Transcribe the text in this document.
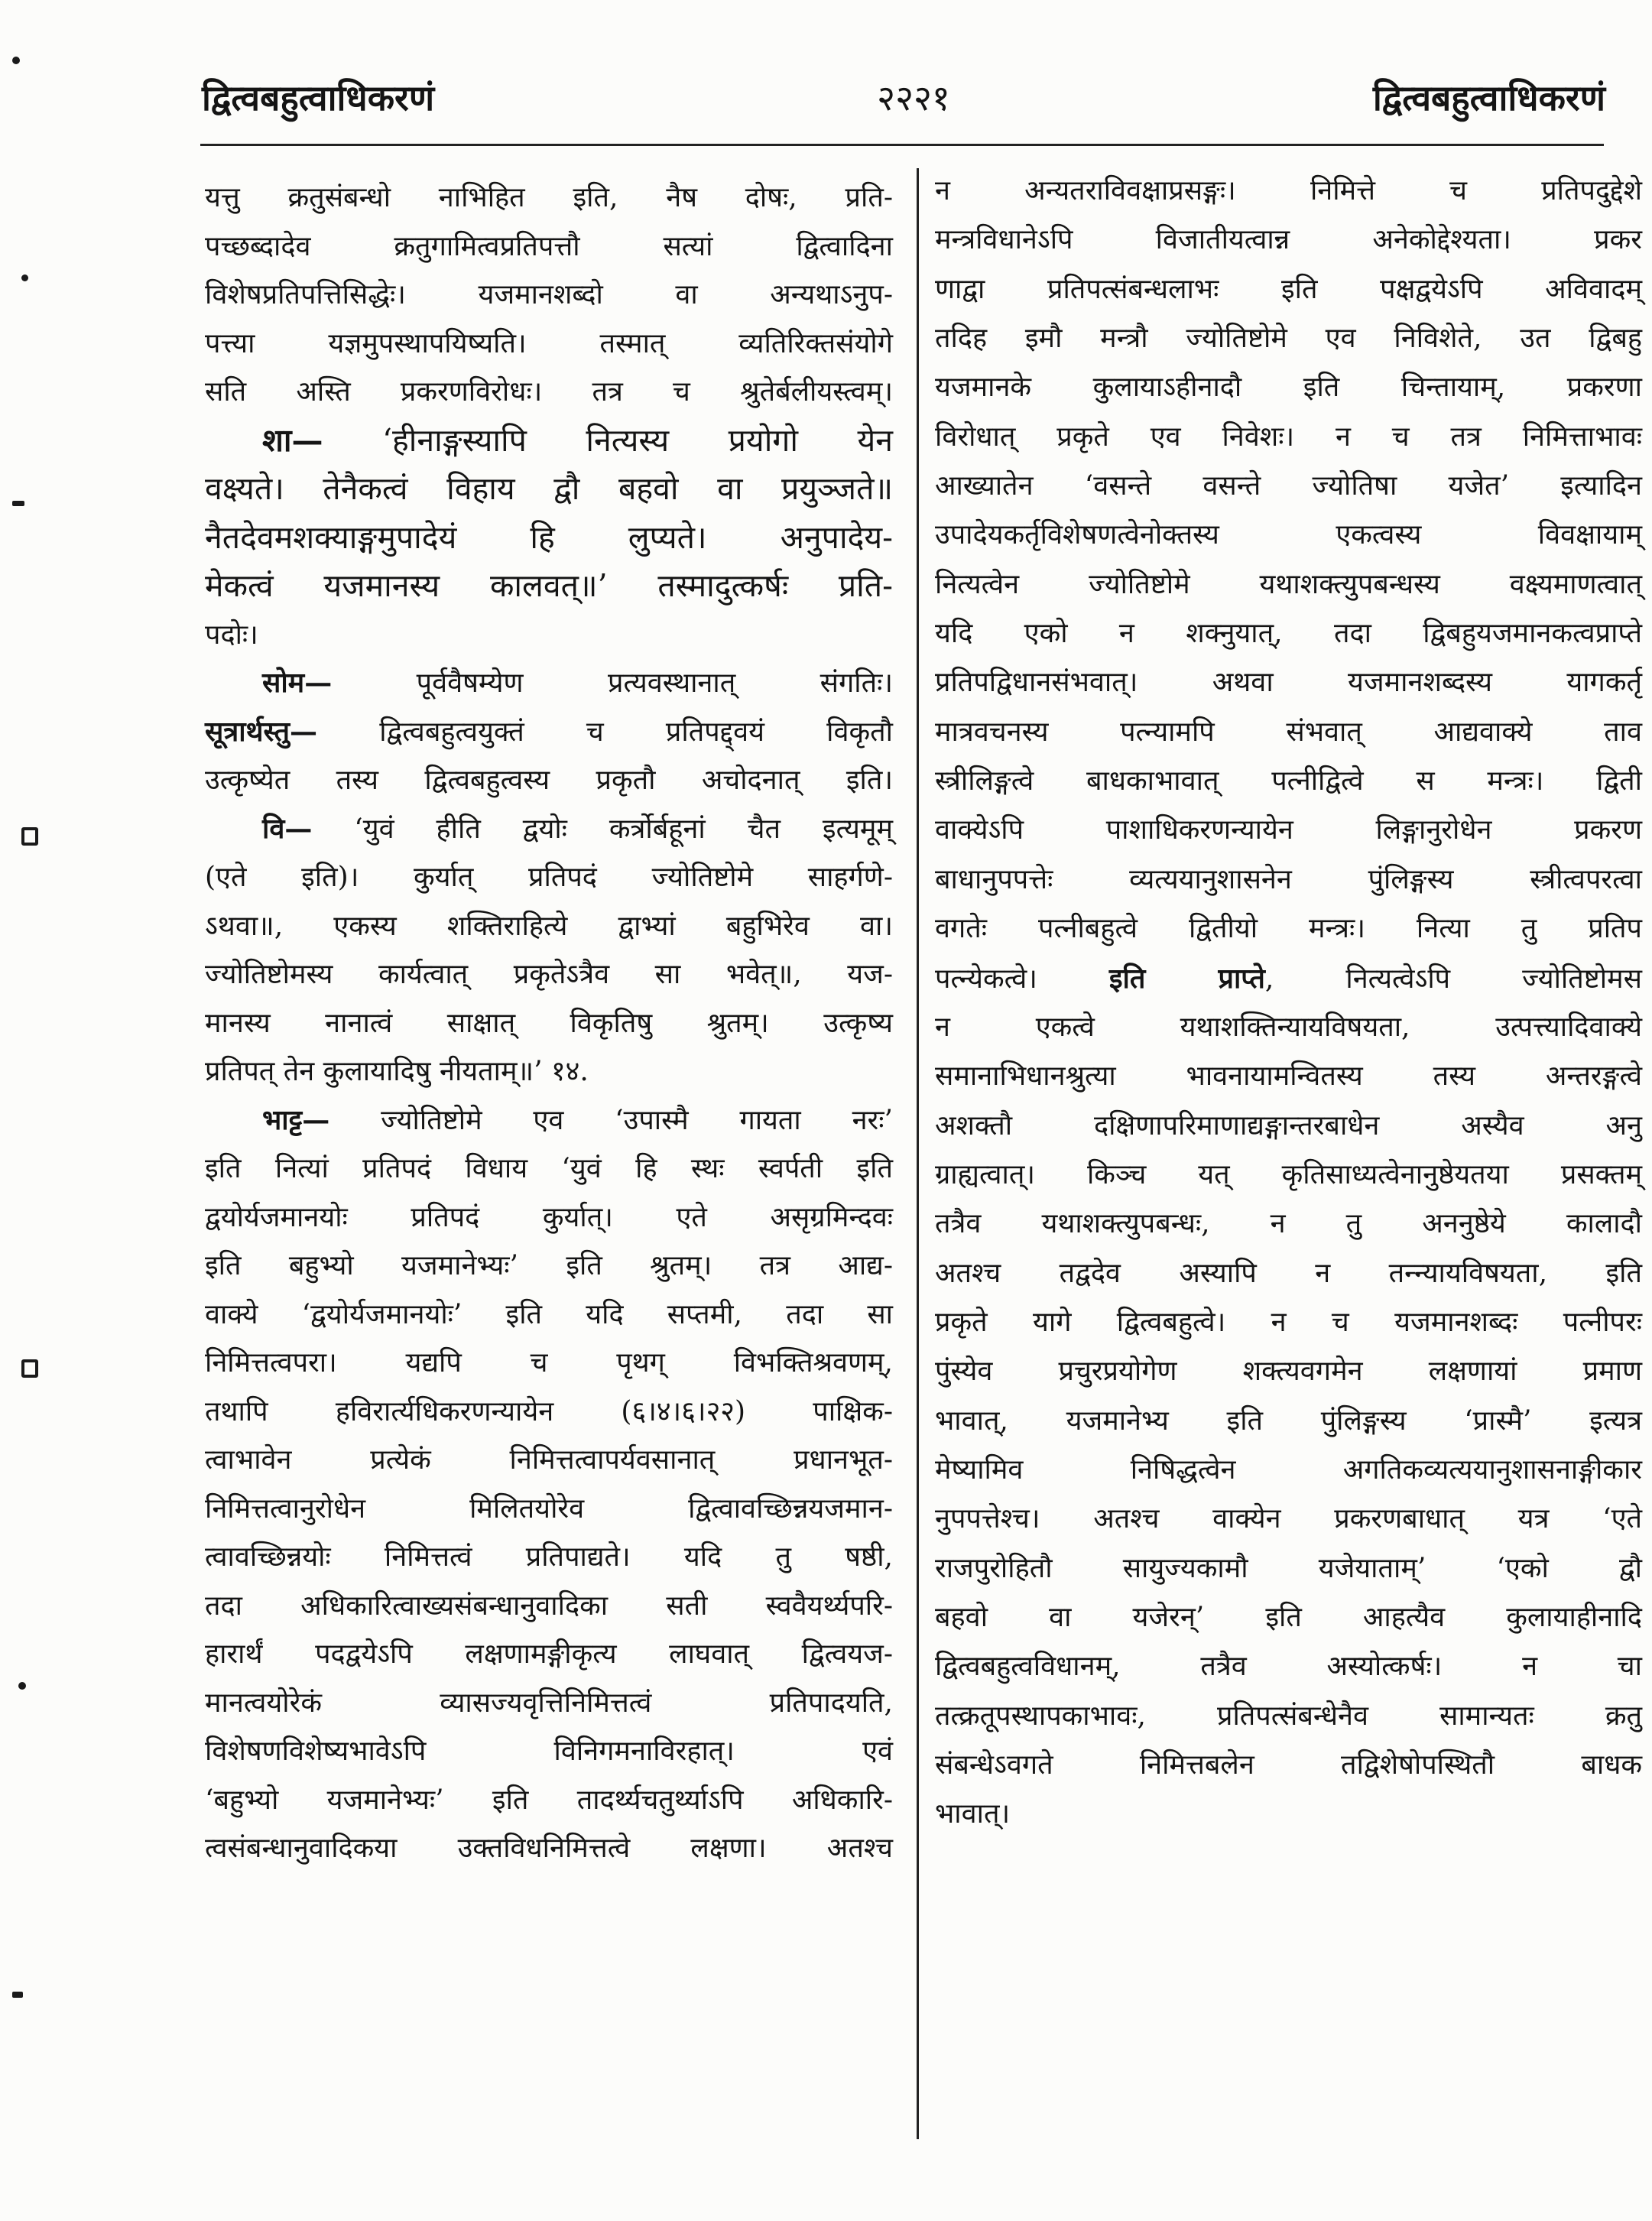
द्वित्वबहुत्वाधिकरणं	२२२१	द्वित्वबहुत्वाधिकरणं
यत्तु क्रतुसंबन्धो नाभिहित इति, नैष दोषः, प्रति-
पच्छब्दादेव क्रतुगामित्वप्रतिपत्तौ सत्यां द्वित्वादिना
विशेषप्रतिपत्तिसिद्धेः। यजमानशब्दो वा अन्यथाऽनुप-
पत्त्या यज्ञमुपस्थापयिष्यति। तस्मात् व्यतिरिक्तसंयोगे
सति अस्ति प्रकरणविरोधः। तत्र च श्रुतेर्बलीयस्त्वम्।
शा— ‘हीनाङ्गस्यापि नित्यस्य प्रयोगो येन
वक्ष्यते। तेनैकत्वं विहाय द्वौ बहवो वा प्रयुञ्जते॥
नैतदेवमशक्याङ्गमुपादेयं हि लुप्यते। अनुपादेय-
मेकत्वं यजमानस्य कालवत्॥’ तस्मादुत्कर्षः प्रति-
पदोः।
सोम—	पूर्ववैषम्येण प्रत्यवस्थानात् संगतिः।
सूत्रार्थस्तु— द्वित्वबहुत्वयुक्तं च प्रतिपद्द्वयं विकृतौ
उत्कृष्येत तस्य द्वित्वबहुत्वस्य प्रकृतौ अचोदनात् इति।
वि— ‘युवं हीति द्वयोः कर्त्रोर्बहूनां चैत इत्यमूम्
(एते इति)। कुर्यात् प्रतिपदं ज्योतिष्टोमे साहर्गणे-
ऽथवा॥, एकस्य शक्तिराहित्ये द्वाभ्यां बहुभिरेव वा।
ज्योतिष्टोमस्य कार्यत्वात् प्रकृतेऽत्रैव सा भवेत्॥, यज-
मानस्य नानात्वं साक्षात् विकृतिषु श्रुतम्। उत्कृष्य
प्रतिपत् तेन कुलायादिषु नीयताम्॥’ १४.
भाट्ट— ज्योतिष्टोमे एव ‘उपास्मै गायता नरः’
इति नित्यां प्रतिपदं विधाय ‘युवं हि स्थः स्वर्पती इति
द्वयोर्यजमानयोः प्रतिपदं कुर्यात्। एते असृग्रमिन्दवः
इति बहुभ्यो यजमानेभ्यः’ इति श्रुतम्। तत्र आद्य-
वाक्ये ‘द्वयोर्यजमानयोः’ इति यदि सप्तमी, तदा सा
निमित्तत्वपरा। यद्यपि च पृथग् विभक्तिश्रवणम्,
तथापि हविरार्त्यधिकरणन्यायेन (६।४।६।२२) पाक्षिक-
त्वाभावेन प्रत्येकं निमित्तत्वापर्यवसानात् प्रधानभूत-
निमित्तत्वानुरोधेन मिलितयोरेव द्वित्वावच्छिन्नयजमान-
त्वावच्छिन्नयोः निमित्तत्वं प्रतिपाद्यते। यदि तु षष्ठी,
तदा अधिकारित्वाख्यसंबन्धानुवादिका सती स्ववैयर्थ्यपरि-
हारार्थं पदद्वयेऽपि लक्षणामङ्गीकृत्य लाघवात् द्वित्वयज-
मानत्वयोरेकं व्यासज्यवृत्तिनिमित्तत्वं प्रतिपादयति,
विशेषणविशेष्यभावेऽपि विनिगमनाविरहात्। एवं
‘बहुभ्यो यजमानेभ्यः’ इति तादर्थ्यचतुर्थ्याऽपि अधिकारि-
त्वसंबन्धानुवादिकया उक्तविधनिमित्तत्वे लक्षणा। अतश्च
न अन्यतराविवक्षाप्रसङ्गः। निमित्ते च प्रतिपदुद्देशे
मन्त्रविधानेऽपि विजातीयत्वान्न अनेकोद्देश्यता। प्रकर
णाद्वा प्रतिपत्संबन्धलाभः इति पक्षद्वयेऽपि अविवादम्
तदिह इमौ मन्त्रौ ज्योतिष्टोमे एव निविशेते, उत द्विबहु
यजमानके कुलायाऽहीनादौ इति चिन्तायाम्, प्रकरणा
विरोधात् प्रकृते एव निवेशः। न च तत्र निमित्ताभावः
आख्यातेन ‘वसन्ते वसन्ते ज्योतिषा यजेत’ इत्यादिन
उपादेयकर्तृविशेषणत्वेनोक्तस्य एकत्वस्य विवक्षायाम्
नित्यत्वेन ज्योतिष्टोमे यथाशक्त्युपबन्धस्य वक्ष्यमाणत्वात्
यदि एको न शक्नुयात्, तदा द्विबहुयजमानकत्वप्राप्ते
प्रतिपद्विधानसंभवात्। अथवा यजमानशब्दस्य यागकर्तृ
मात्रवचनस्य पत्न्यामपि संभवात् आद्यवाक्ये ताव
स्त्रीलिङ्गत्वे बाधकाभावात् पत्नीद्वित्वे स मन्त्रः। द्विती
वाक्येऽपि पाशाधिकरणन्यायेन लिङ्गानुरोधेन प्रकरण
बाधानुपपत्तेः व्यत्ययानुशासनेन पुंलिङ्गस्य स्त्रीत्वपरत्वा
वगतेः पत्नीबहुत्वे द्वितीयो मन्त्रः। नित्या तु प्रतिप
पत्न्येकत्वे।	इति प्राप्ते, नित्यत्वेऽपि ज्योतिष्टोमस
न एकत्वे यथाशक्तिन्यायविषयता, उत्पत्त्यादिवाक्ये
समानाभिधानश्रुत्या भावनायामन्वितस्य तस्य अन्तरङ्गत्वे
अशक्तौ दक्षिणापरिमाणाद्यङ्गान्तरबाधेन अस्यैव अनु
ग्राह्यत्वात्। किञ्च यत् कृतिसाध्यत्वेनानुष्ठेयतया प्रसक्तम्
तत्रैव यथाशक्त्युपबन्धः, न तु अननुष्ठेये कालादौ
अतश्च तद्वदेव अस्यापि न तन्न्यायविषयता, इति
प्रकृते यागे द्वित्वबहुत्वे। न च यजमानशब्दः पत्नीपरः
पुंस्येव प्रचुरप्रयोगेण शक्त्यवगमेन लक्षणायां प्रमाण
भावात्, यजमानेभ्य इति पुंलिङ्गस्य ‘प्रास्मै’ इत्यत्र
मेष्यामिव निषिद्धत्वेन अगतिकव्यत्ययानुशासनाङ्गीकार
नुपपत्तेश्च। अतश्च वाक्येन प्रकरणबाधात् यत्र ‘एते
राजपुरोहितौ सायुज्यकामौ यजेयाताम्’ ‘एको द्वौ
बहवो वा यजेरन्’ इति आहत्यैव कुलायाहीनादि
द्वित्वबहुत्वविधानम्, तत्रैव अस्योत्कर्षः। न चा
तत्क्रतूपस्थापकाभावः, प्रतिपत्संबन्धेनैव सामान्यतः क्रतु
संबन्धेऽवगते निमित्तबलेन तद्विशेषोपस्थितौ बाधक
भावात्।
